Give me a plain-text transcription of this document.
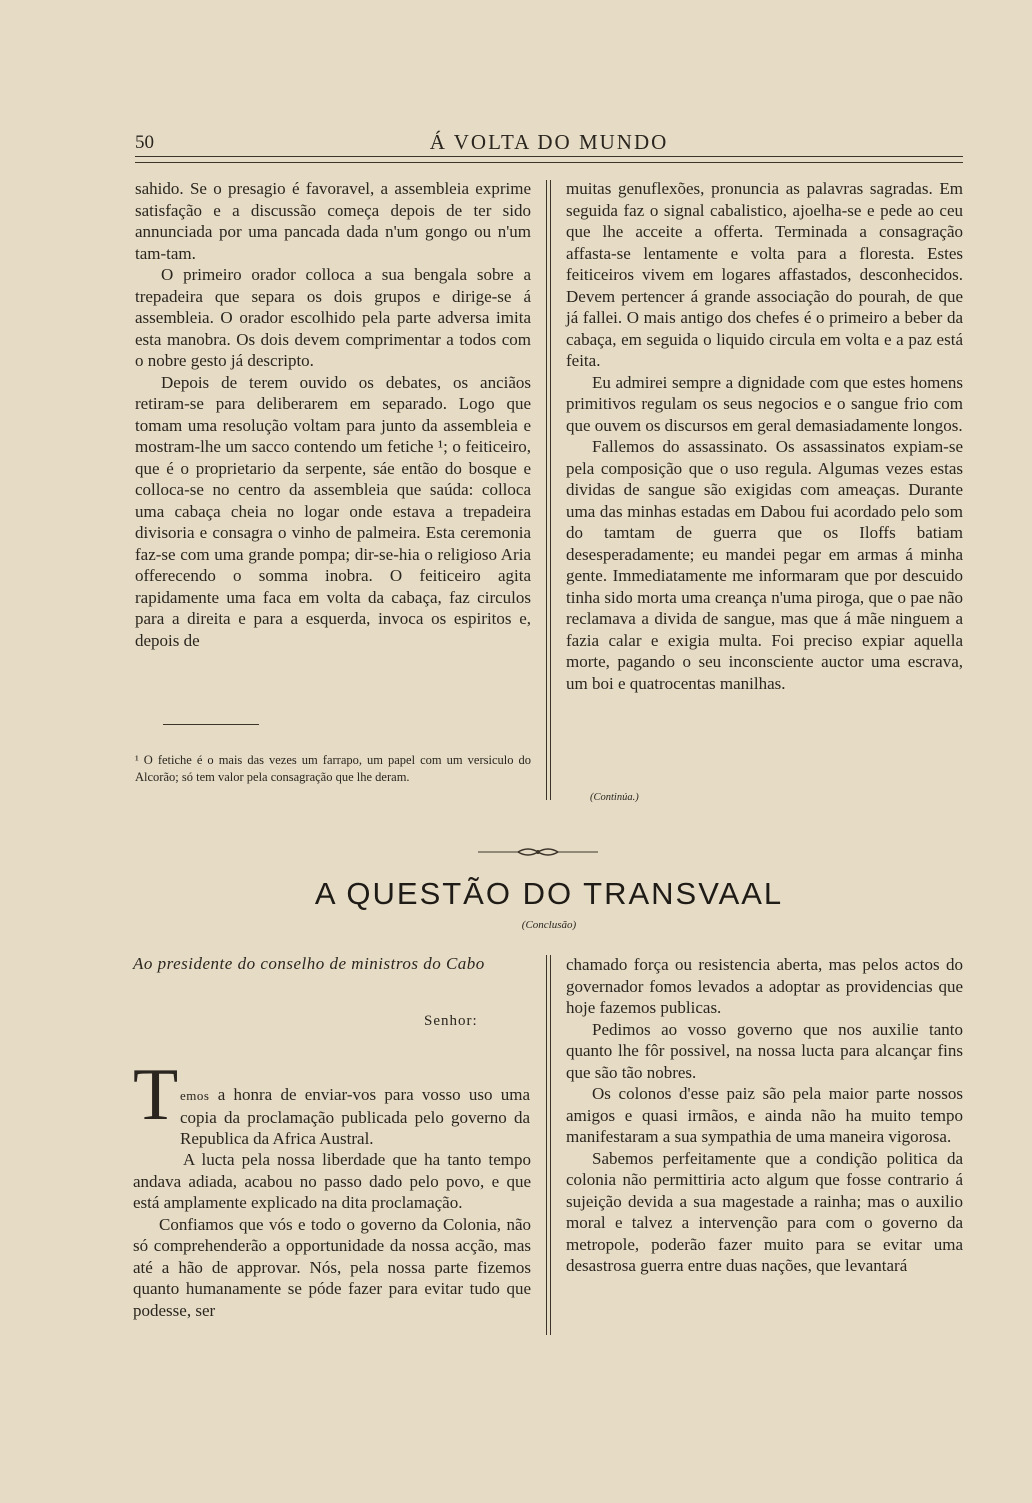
50	Á VOLTA DO MUNDO

sahido. Se o presagio é favoravel, a assembleia exprime satisfação e a discussão começa depois de ter sido annunciada por uma pancada dada n'um gongo ou n'um tam-tam.

O primeiro orador colloca a sua bengala sobre a trepadeira que separa os dois grupos e dirige-se á assembleia. O orador escolhido pela parte adversa imita esta manobra. Os dois devem comprimentar a todos com o nobre gesto já descripto.

Depois de terem ouvido os debates, os anciãos retiram-se para deliberarem em separado. Logo que tomam uma resolução voltam para junto da assembleia e mostram-lhe um sacco contendo um fetiche ¹; o feiticeiro, que é o proprietario da serpente, sáe então do bosque e colloca-se no centro da assembleia que saúda: colloca uma cabaça cheia no logar onde estava a trepadeira divisoria e consagra o vinho de palmeira. Esta ceremonia faz-se com uma grande pompa; dir-se-hia o religioso Aria offerecendo o somma inobra. O feiticeiro agita rapidamente uma faca em volta da cabaça, faz circulos para a direita e para a esquerda, invoca os espiritos e, depois de

¹ O fetiche é o mais das vezes um farrapo, um papel com um versiculo do Alcorão; só tem valor pela consagração que lhe deram.

muitas genuflexões, pronuncia as palavras sagradas. Em seguida faz o signal cabalistico, ajoelha-se e pede ao ceu que lhe acceite a offerta. Terminada a consagração affasta-se lentamente e volta para a floresta. Estes feiticeiros vivem em logares affastados, desconhecidos. Devem pertencer á grande associação do pourah, de que já fallei. O mais antigo dos chefes é o primeiro a beber da cabaça, em seguida o liquido circula em volta e a paz está feita.

Eu admirei sempre a dignidade com que estes homens primitivos regulam os seus negocios e o sangue frio com que ouvem os discursos em geral demasiadamente longos.

Fallemos do assassinato. Os assassinatos expiam-se pela composição que o uso regula. Algumas vezes estas dividas de sangue são exigidas com ameaças. Durante uma das minhas estadas em Dabou fui acordado pelo som do tamtam de guerra que os Iloffs batiam desesperadamente; eu mandei pegar em armas á minha gente. Immediatamente me informaram que por descuido tinha sido morta uma creança n'uma piroga, que o pae não reclamava a divida de sangue, mas que á mãe ninguem a fazia calar e exigia multa. Foi preciso expiar aquella morte, pagando o seu inconsciente auctor uma escrava, um boi e quatrocentas manilhas.

(Continúa.)
A QUESTÃO DO TRANSVAAL
(Conclusão)
Ao presidente do conselho de ministros do Cabo
Senhor:
T emos a honra de enviar-vos para vosso uso uma copia da proclamação publicada pelo governo da Republica da Africa Austral.

A lucta pela nossa liberdade que ha tanto tempo andava adiada, acabou no passo dado pelo povo, e que está amplamente explicado na dita proclamação.

Confiamos que vós e todo o governo da Colonia, não só comprehenderão a opportunidade da nossa acção, mas até a hão de approvar. Nós, pela nossa parte fizemos quanto humanamente se póde fazer para evitar tudo que podesse, ser

chamado força ou resistencia aberta, mas pelos actos do governador fomos levados a adoptar as providencias que hoje fazemos publicas.

Pedimos ao vosso governo que nos auxilie tanto quanto lhe fôr possivel, na nossa lucta para alcançar fins que são tão nobres.

Os colonos d'esse paiz são pela maior parte nossos amigos e quasi irmãos, e ainda não ha muito tempo manifestaram a sua sympathia de uma maneira vigorosa.

Sabemos perfeitamente que a condição politica da colonia não permittiria acto algum que fosse contrario á sujeição devida a sua magestade a rainha; mas o auxilio moral e talvez a intervenção para com o governo da metropole, poderão fazer muito para se evitar uma desastrosa guerra entre duas nações, que levantará
